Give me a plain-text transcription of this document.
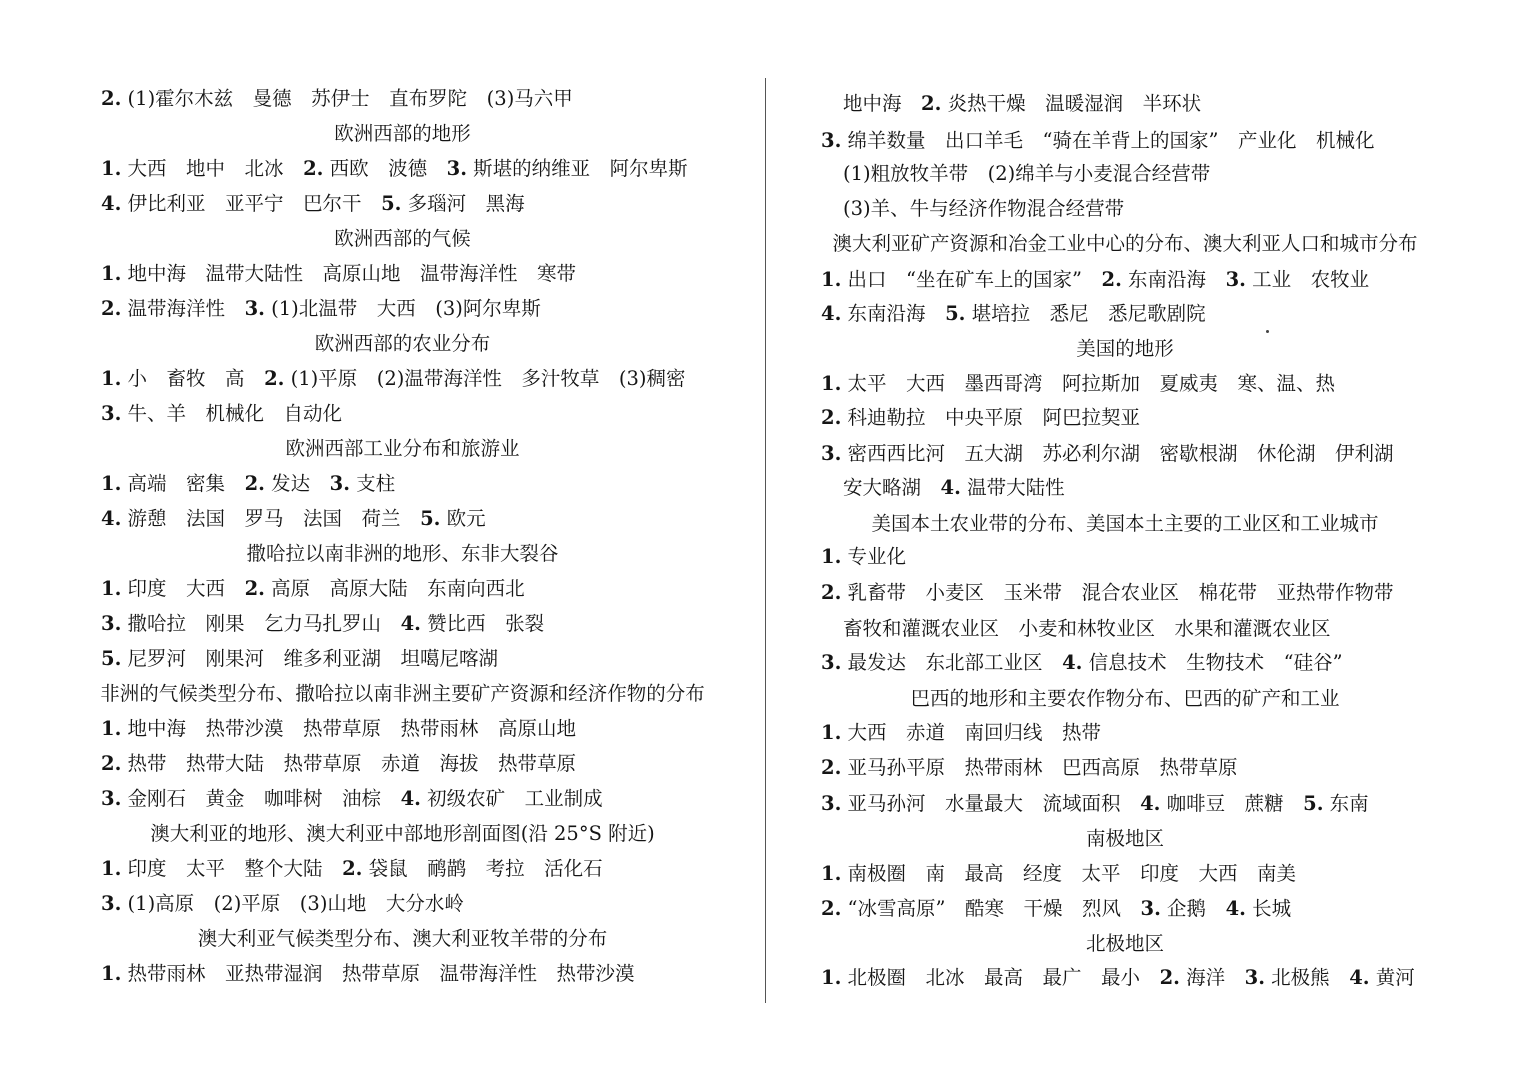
2. (1)霍尔木兹　曼德　苏伊士　直布罗陀　(3)马六甲
欧洲西部的地形
1. 大西　地中　北冰　2. 西欧　波德　3. 斯堪的纳维亚　阿尔卑斯
4. 伊比利亚　亚平宁　巴尔干　5. 多瑙河　黑海
欧洲西部的气候
1. 地中海　温带大陆性　高原山地　温带海洋性　寒带
2. 温带海洋性　3. (1)北温带　大西　(3)阿尔卑斯
欧洲西部的农业分布
1. 小　畜牧　高　2. (1)平原　(2)温带海洋性　多汁牧草　(3)稠密
3. 牛、羊　机械化　自动化
欧洲西部工业分布和旅游业
1. 高端　密集　2. 发达　3. 支柱
4. 游憩　法国　罗马　法国　荷兰　5. 欧元
撒哈拉以南非洲的地形、东非大裂谷
1. 印度　大西　2. 高原　高原大陆　东南向西北
3. 撒哈拉　刚果　乞力马扎罗山　4. 赞比西　张裂
5. 尼罗河　刚果河　维多利亚湖　坦噶尼喀湖
非洲的气候类型分布、撒哈拉以南非洲主要矿产资源和经济作物的分布
1. 地中海　热带沙漠　热带草原　热带雨林　高原山地
2. 热带　热带大陆　热带草原　赤道　海拔　热带草原
3. 金刚石　黄金　咖啡树　油棕　4. 初级农矿　工业制成
澳大利亚的地形、澳大利亚中部地形剖面图(沿 25°S 附近)
1. 印度　太平　整个大陆　2. 袋鼠　鸸鹋　考拉　活化石
3. (1)高原　(2)平原　(3)山地　大分水岭
澳大利亚气候类型分布、澳大利亚牧羊带的分布
1. 热带雨林　亚热带湿润　热带草原　温带海洋性　热带沙漠
地中海　2. 炎热干燥　温暖湿润　半环状
3. 绵羊数量　出口羊毛　“骑在羊背上的国家”　产业化　机械化
(1)粗放牧羊带　(2)绵羊与小麦混合经营带
(3)羊、牛与经济作物混合经营带
澳大利亚矿产资源和冶金工业中心的分布、澳大利亚人口和城市分布
1. 出口　“坐在矿车上的国家”　2. 东南沿海　3. 工业　农牧业
4. 东南沿海　5. 堪培拉　悉尼　悉尼歌剧院
美国的地形
1. 太平　大西　墨西哥湾　阿拉斯加　夏威夷　寒、温、热
2. 科迪勒拉　中央平原　阿巴拉契亚
3. 密西西比河　五大湖　苏必利尔湖　密歇根湖　休伦湖　伊利湖
安大略湖　4. 温带大陆性
美国本土农业带的分布、美国本土主要的工业区和工业城市
1. 专业化
2. 乳畜带　小麦区　玉米带　混合农业区　棉花带　亚热带作物带
畜牧和灌溉农业区　小麦和林牧业区　水果和灌溉农业区
3. 最发达　东北部工业区　4. 信息技术　生物技术　“硅谷”
巴西的地形和主要农作物分布、巴西的矿产和工业
1. 大西　赤道　南回归线　热带
2. 亚马孙平原　热带雨林　巴西高原　热带草原
3. 亚马孙河　水量最大　流域面积　4. 咖啡豆　蔗糖　5. 东南
南极地区
1. 南极圈　南　最高　经度　太平　印度　大西　南美
2. “冰雪高原”　酷寒　干燥　烈风　3. 企鹅　4. 长城
北极地区
1. 北极圈　北冰　最高　最广　最小　2. 海洋　3. 北极熊　4. 黄河
